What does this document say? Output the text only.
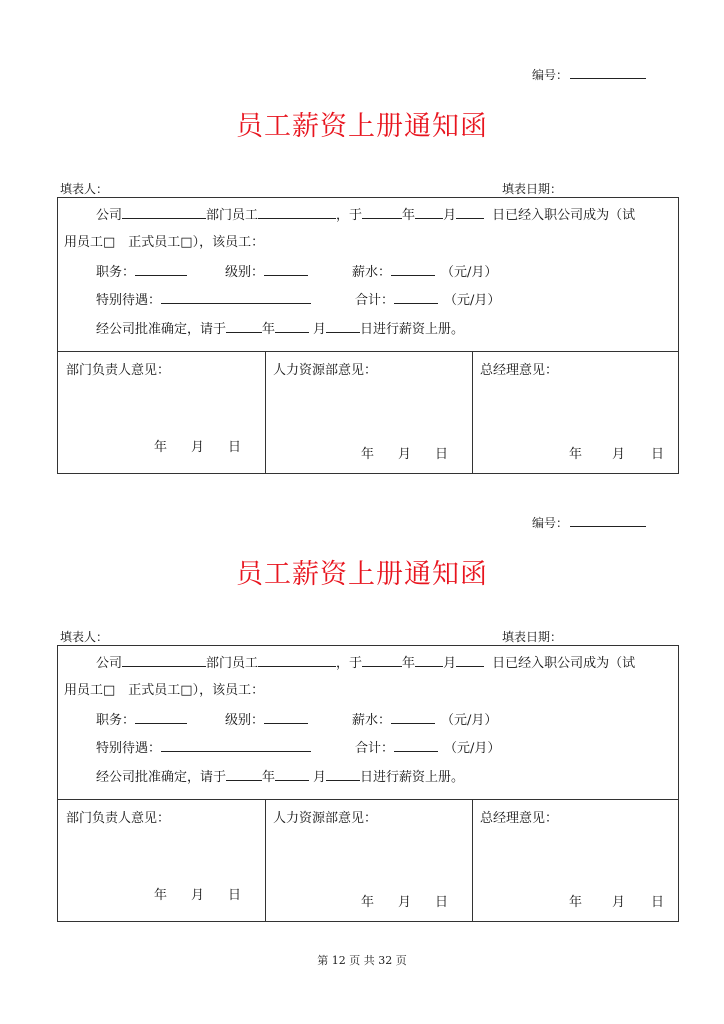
编号：
员工薪资上册通知函
填表人：	填表日期：
公司	部门员工	，于	年 月	日已经入职公司成为（试
用员工□　正式员工□），该员工：
职务：	级别：	薪水：	（元/月）
特别待遇：	合计：	（元/月）
经公司批准确定，请于	年	月	日进行薪资上册。
部门负责人意见：	人力资源部意见：	总经理意见：
年 月 日	年 月 日	年 月 日
编号：
员工薪资上册通知函
填表人：	填表日期：
公司	部门员工	，于	年 月	日已经入职公司成为（试
用员工□　正式员工□），该员工：
职务：	级别：	薪水：	（元/月）
特别待遇：	合计：	（元/月）
经公司批准确定，请于	年	月	日进行薪资上册。
部门负责人意见：	人力资源部意见：	总经理意见：
年 月 日	年 月 日	年 月 日
第 12 页 共 32 页
